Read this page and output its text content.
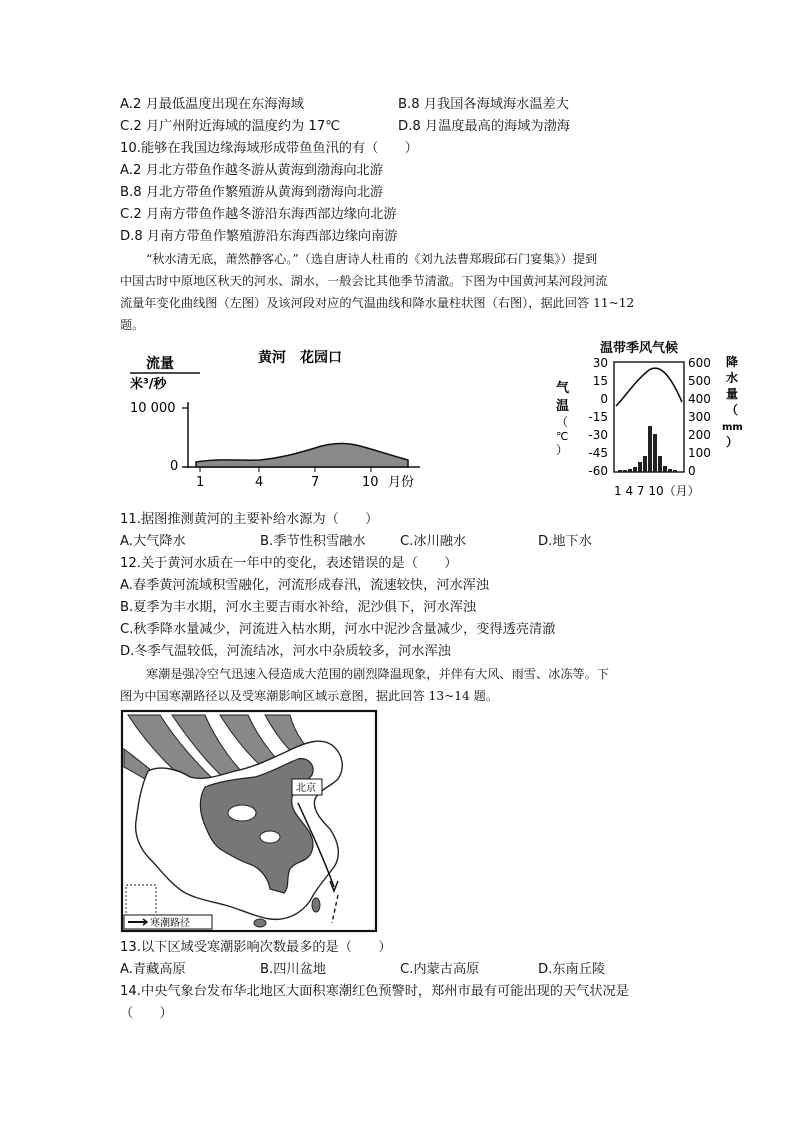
A.2 月最低温度出现在东海海域	B.8 月我国各海域海水温差大
C.2 月广州附近海域的温度约为 17℃	D.8 月温度最高的海域为渤海
10.能够在我国边缘海域形成带鱼鱼汛的有（　　）
A.2 月北方带鱼作越冬游从黄海到渤海向北游
B.8 月北方带鱼作繁殖游从黄海到渤海向北游
C.2 月南方带鱼作越冬游沿东海西部边缘向北游
D.8 月南方带鱼作繁殖游沿东海西部边缘向南游
“秋水清无底，萧然静客心。”（选自唐诗人杜甫的《刘九法曹郑瑕邱石门宴集》）提到
中国古时中原地区秋天的河水、湖水，一般会比其他季节清澈。下图为中国黄河某河段河流
流量年变化曲线图（左图）及该河段对应的气温曲线和降水量柱状图（右图），据此回答 11~12
题。
黄河　花园口
流量
米³/秒
10 000
0
1	4	7	10 月份
温带季风气候
气
温
（
℃
）
30
15
0
-15
-30
-45
-60
600
500
400
300
200
100
0
降
水
量
（
mm
）
1 4 7 10（月）
11.据图推测黄河的主要补给水源为（　　）
A.大气降水	B.季节性积雪融水	C.冰川融水	D.地下水
12.关于黄河水质在一年中的变化，表述错误的是（　　）
A.春季黄河流域积雪融化，河流形成春汛，流速较快，河水浑浊
B.夏季为丰水期，河水主要吉雨水补给，泥沙俱下，河水浑浊
C.秋季降水量减少，河流进入枯水期，河水中泥沙含量减少，变得透亮清澈
D.冬季气温较低，河流结冰，河水中杂质较多，河水浑浊
寒潮是强冷空气迅速入侵造成大范围的剧烈降温现象，并伴有大风、雨雪、冰冻等。下
图为中国寒潮路径以及受寒潮影响区域示意图，据此回答 13~14 题。
北京
寒潮路径
13.以下区域受寒潮影响次数最多的是（　　）
A.青藏高原	B.四川盆地	C.内蒙古高原	D.东南丘陵
14.中央气象台发布华北地区大面积寒潮红色预警时，郑州市最有可能出现的天气状况是
（　　）
